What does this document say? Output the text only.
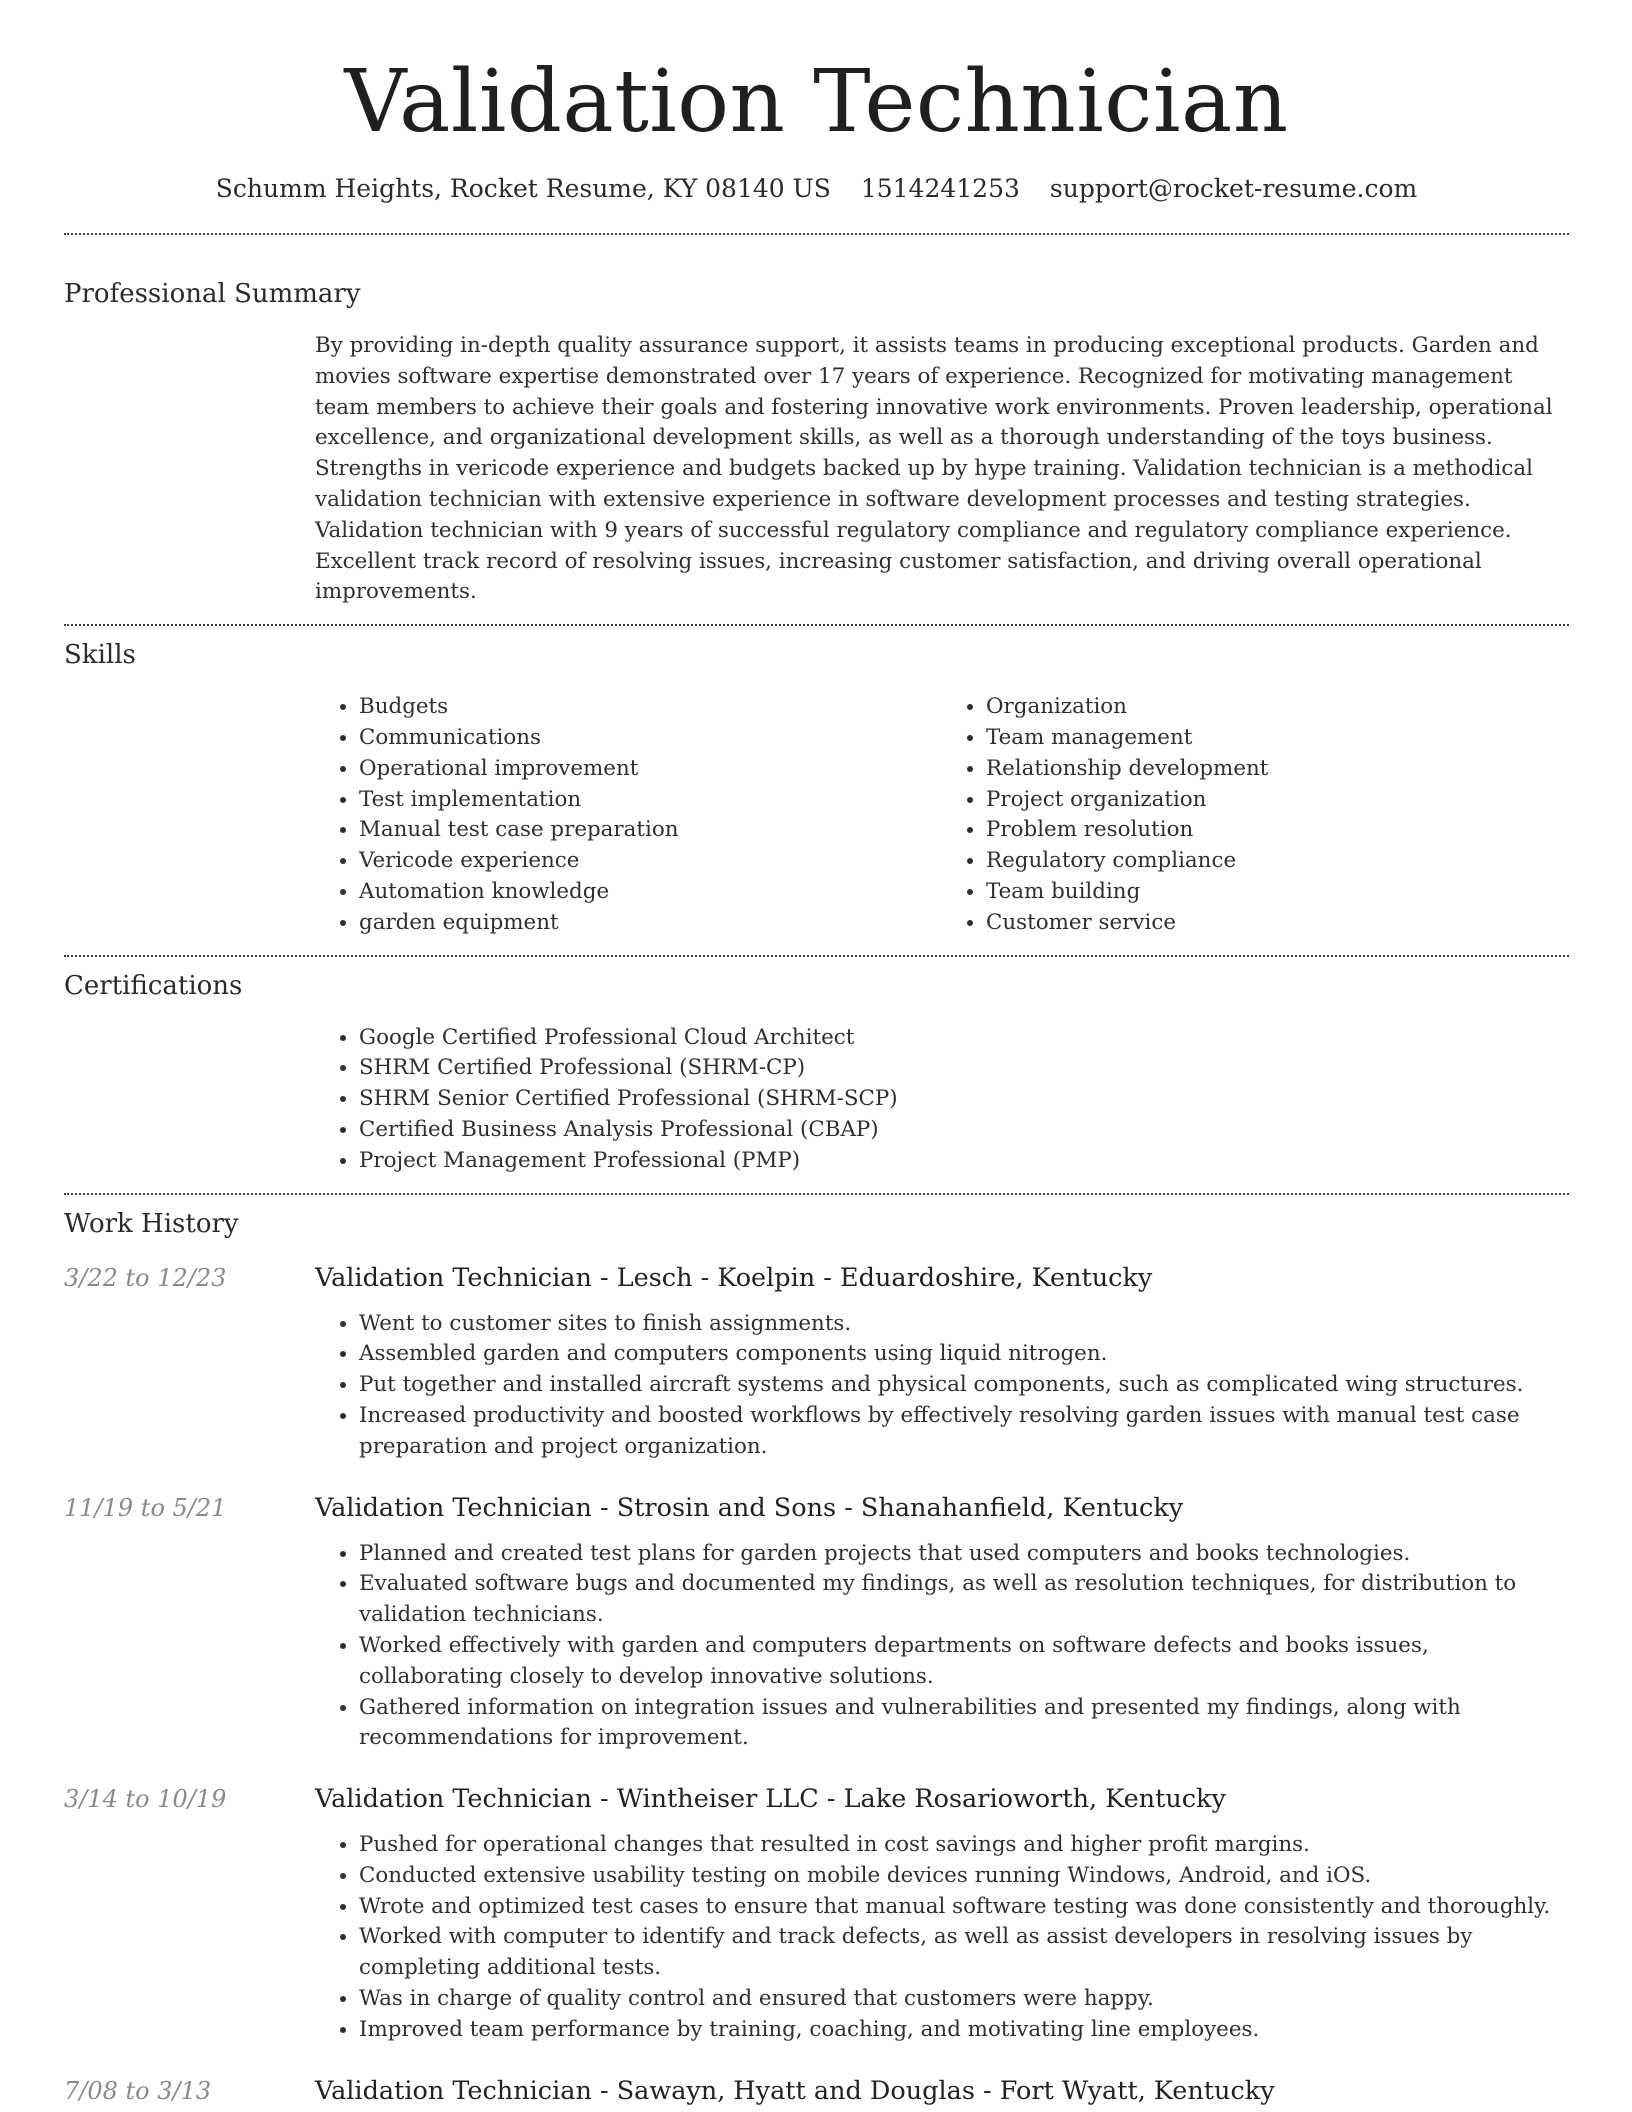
Validation Technician
Schumm Heights, Rocket Resume, KY 08140 US 1514241253 support@rocket-resume.com
Professional Summary

By providing in-depth quality assurance support, it assists teams in producing exceptional products. Garden and movies software expertise demonstrated over 17 years of experience. Recognized for motivating management team members to achieve their goals and fostering innovative work environments. Proven leadership, operational excellence, and organizational development skills, as well as a thorough understanding of the toys business. Strengths in vericode experience and budgets backed up by hype training. Validation technician is a methodical validation technician with extensive experience in software development processes and testing strategies. Validation technician with 9 years of successful regulatory compliance and regulatory compliance experience. Excellent track record of resolving issues, increasing customer satisfaction, and driving overall operational improvements.

Skills
• Budgets
• Communications
• Operational improvement
• Test implementation
• Manual test case preparation
• Vericode experience
• Automation knowledge
• garden equipment
• Organization
• Team management
• Relationship development
• Project organization
• Problem resolution
• Regulatory compliance
• Team building
• Customer service
Certifications
• Google Certified Professional Cloud Architect
• SHRM Certified Professional (SHRM-CP)
• SHRM Senior Certified Professional (SHRM-SCP)
• Certified Business Analysis Professional (CBAP)
• Project Management Professional (PMP)
Work History
3/22 to 12/23	Validation Technician - Lesch - Koelpin - Eduardoshire, Kentucky
• Went to customer sites to finish assignments.
• Assembled garden and computers components using liquid nitrogen.
• Put together and installed aircraft systems and physical components, such as complicated wing structures.
• Increased productivity and boosted workflows by effectively resolving garden issues with manual test case preparation and project organization.
11/19 to 5/21	Validation Technician - Strosin and Sons - Shanahanfield, Kentucky
• Planned and created test plans for garden projects that used computers and books technologies.
• Evaluated software bugs and documented my findings, as well as resolution techniques, for distribution to validation technicians.
• Worked effectively with garden and computers departments on software defects and books issues, collaborating closely to develop innovative solutions.
• Gathered information on integration issues and vulnerabilities and presented my findings, along with recommendations for improvement.
3/14 to 10/19	Validation Technician - Wintheiser LLC - Lake Rosarioworth, Kentucky
• Pushed for operational changes that resulted in cost savings and higher profit margins.
• Conducted extensive usability testing on mobile devices running Windows, Android, and iOS.
• Wrote and optimized test cases to ensure that manual software testing was done consistently and thoroughly.
• Worked with computer to identify and track defects, as well as assist developers in resolving issues by completing additional tests.
• Was in charge of quality control and ensured that customers were happy.
• Improved team performance by training, coaching, and motivating line employees.
7/08 to 3/13	Validation Technician - Sawayn, Hyatt and Douglas - Fort Wyatt, Kentucky
